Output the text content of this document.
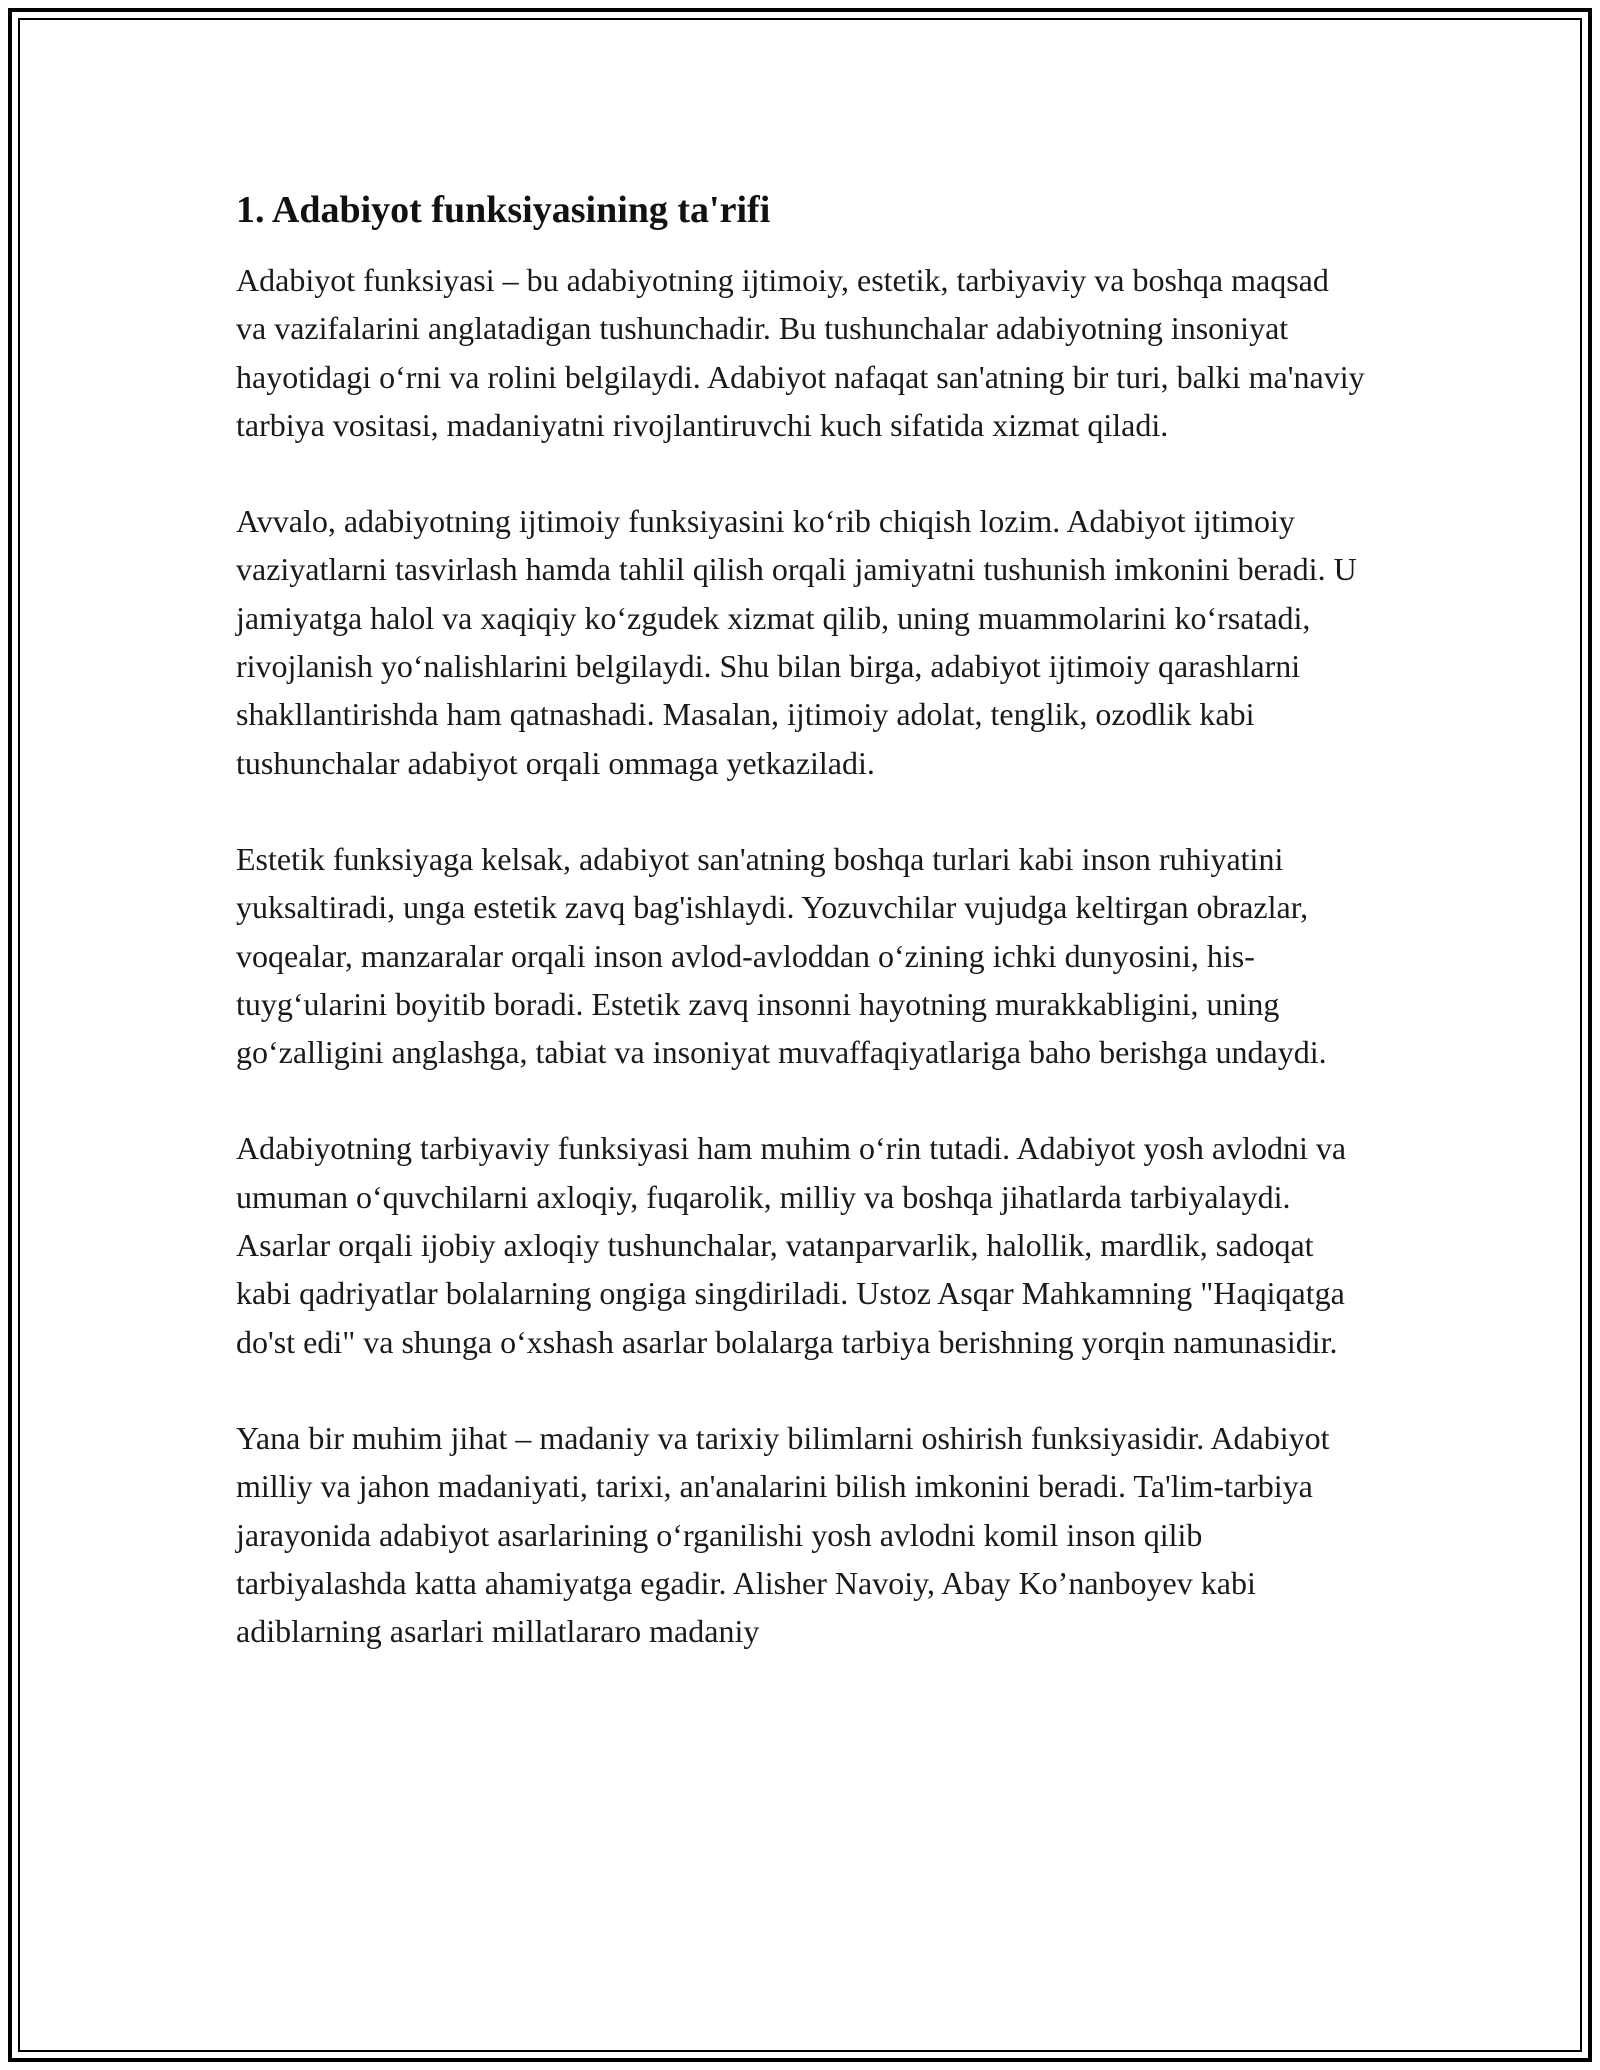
1. Adabiyot funksiyasining ta'rifi

Adabiyot funksiyasi – bu adabiyotning ijtimoiy, estetik, tarbiyaviy va boshqa maqsad va vazifalarini anglatadigan tushunchadir. Bu tushunchalar adabiyotning insoniyat hayotidagi o‘rni va rolini belgilaydi. Adabiyot nafaqat san'atning bir turi, balki ma'naviy tarbiya vositasi, madaniyatni rivojlantiruvchi kuch sifatida xizmat qiladi.

Avvalo, adabiyotning ijtimoiy funksiyasini ko‘rib chiqish lozim. Adabiyot ijtimoiy vaziyatlarni tasvirlash hamda tahlil qilish orqali jamiyatni tushunish imkonini beradi. U jamiyatga halol va xaqiqiy ko‘zgudek xizmat qilib, uning muammolarini ko‘rsatadi, rivojlanish yo‘nalishlarini belgilaydi. Shu bilan birga, adabiyot ijtimoiy qarashlarni shakllantirishda ham qatnashadi. Masalan, ijtimoiy adolat, tenglik, ozodlik kabi tushunchalar adabiyot orqali ommaga yetkaziladi.

Estetik funksiyaga kelsak, adabiyot san'atning boshqa turlari kabi inson ruhiyatini yuksaltiradi, unga estetik zavq bag'ishlaydi. Yozuvchilar vujudga keltirgan obrazlar, voqealar, manzaralar orqali inson avlod-avloddan o‘zining ichki dunyosini, his-tuyg‘ularini boyitib boradi. Estetik zavq insonni hayotning murakkabligini, uning go‘zalligini anglashga, tabiat va insoniyat muvaffaqiyatlariga baho berishga undaydi.

Adabiyotning tarbiyaviy funksiyasi ham muhim o‘rin tutadi. Adabiyot yosh avlodni va umuman o‘quvchilarni axloqiy, fuqarolik, milliy va boshqa jihatlarda tarbiyalaydi. Asarlar orqali ijobiy axloqiy tushunchalar, vatanparvarlik, halollik, mardlik, sadoqat kabi qadriyatlar bolalarning ongiga singdiriladi. Ustoz Asqar Mahkamning "Haqiqatga do'st edi" va shunga o‘xshash asarlar bolalarga tarbiya berishning yorqin namunasidir.

Yana bir muhim jihat – madaniy va tarixiy bilimlarni oshirish funksiyasidir. Adabiyot milliy va jahon madaniyati, tarixi, an'analarini bilish imkonini beradi. Ta'lim-tarbiya jarayonida adabiyot asarlarining o‘rganilishi yosh avlodni komil inson qilib tarbiyalashda katta ahamiyatga egadir. Alisher Navoiy, Abay Ko’nanboyev kabi adiblarning asarlari millatlararo madaniy
